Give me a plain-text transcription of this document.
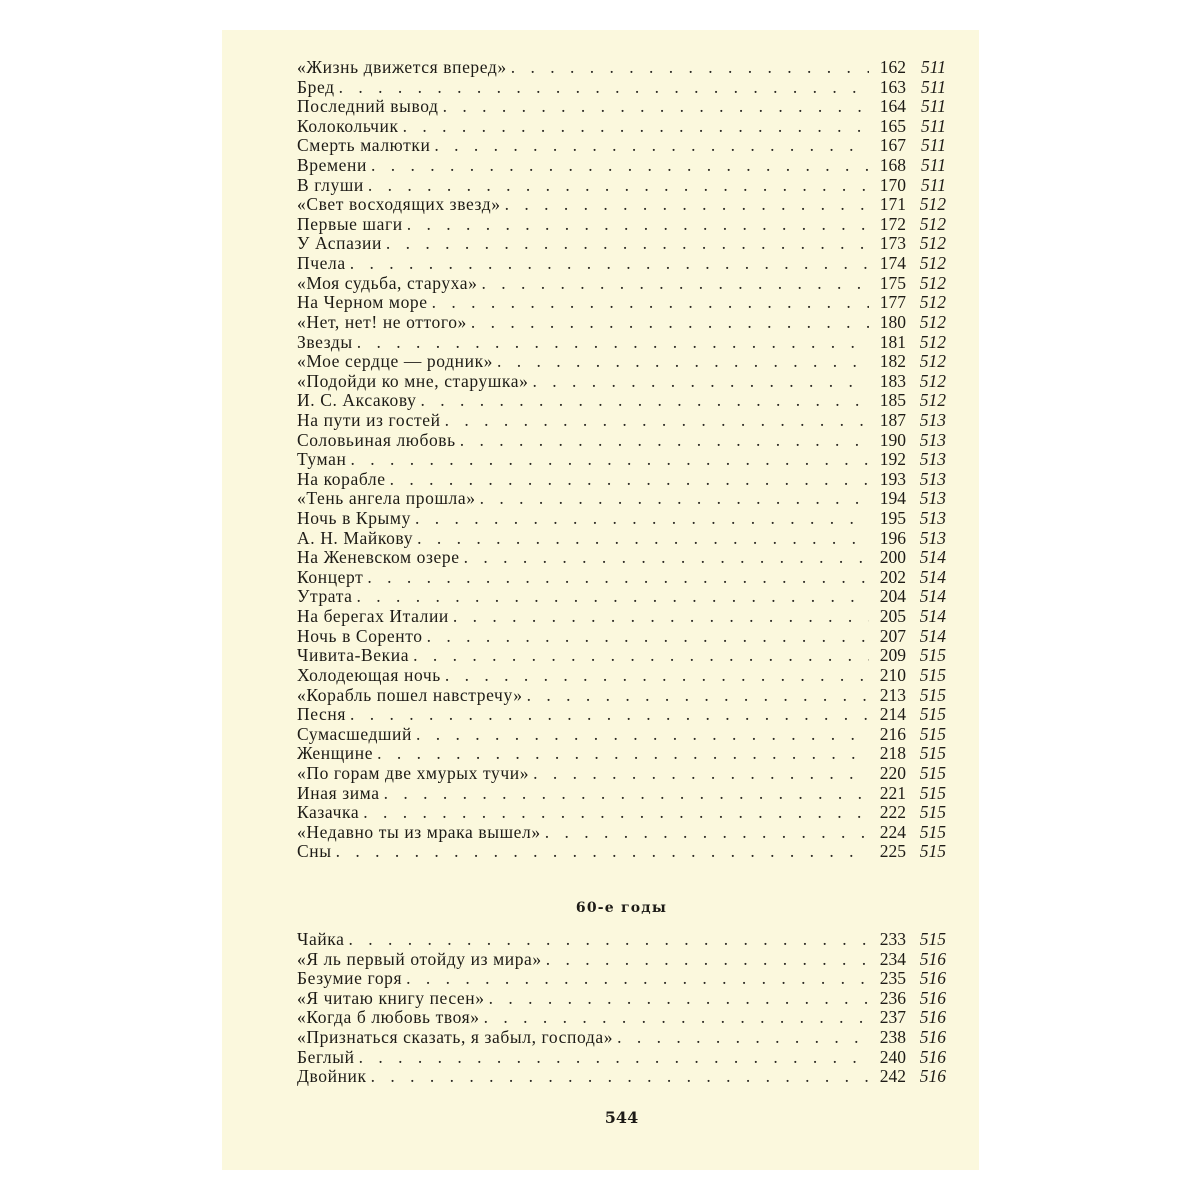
«Жизнь движется вперед» . . .	162 511
Бред . . .	163 511
Последний вывод . . .	164 511
Колокольчик . . .	165 511
Смерть малютки . . .	167 511
Времени . . .	168 511
В глуши . . .	170 511
«Свет восходящих звезд» . . .	171 512
Первые шаги . . .	172 512
У Аспазии . . .	173 512
Пчела . . .	174 512
«Моя судьба, старуха» . . .	175 512
На Черном море . . .	177 512
«Нет, нет! не оттого» . . .	180 512
Звезды . . .	181 512
«Мое сердце — родник» . . .	182 512
«Подойди ко мне, старушка» . . .	183 512
И. С. Аксакову . . .	185 512
На пути из гостей . . .	187 513
Соловьиная любовь . . .	190 513
Туман . . .	192 513
На корабле . . .	193 513
«Тень ангела прошла» . . .	194 513
Ночь в Крыму . . .	195 513
А. Н. Майкову . . .	196 513
На Женевском озере . . .	200 514
Концерт . . .	202 514
Утрата . . .	204 514
На берегах Италии . . .	205 514
Ночь в Соренто . . .	207 514
Чивита-Векиа . . .	209 515
Холодеющая ночь . . .	210 515
«Корабль пошел навстречу» . . .	213 515
Песня . . .	214 515
Сумасшедший . . .	216 515
Женщине . . .	218 515
«По горам две хмурых тучи» . . .	220 515
Иная зима . . .	221 515
Казачка . . .	222 515
«Недавно ты из мрака вышел» . . .	224 515
Сны . . .	225 515
60-е годы
Чайка . . .	233 515
«Я ль первый отойду из мира» . . .	234 516
Безумие горя . . .	235 516
«Я читаю книгу песен» . . .	236 516
«Когда б любовь твоя» . . .	237 516
«Признаться сказать, я забыл, господа» . . .	238 516
Беглый . . .	240 516
Двойник . . .	242 516
544
